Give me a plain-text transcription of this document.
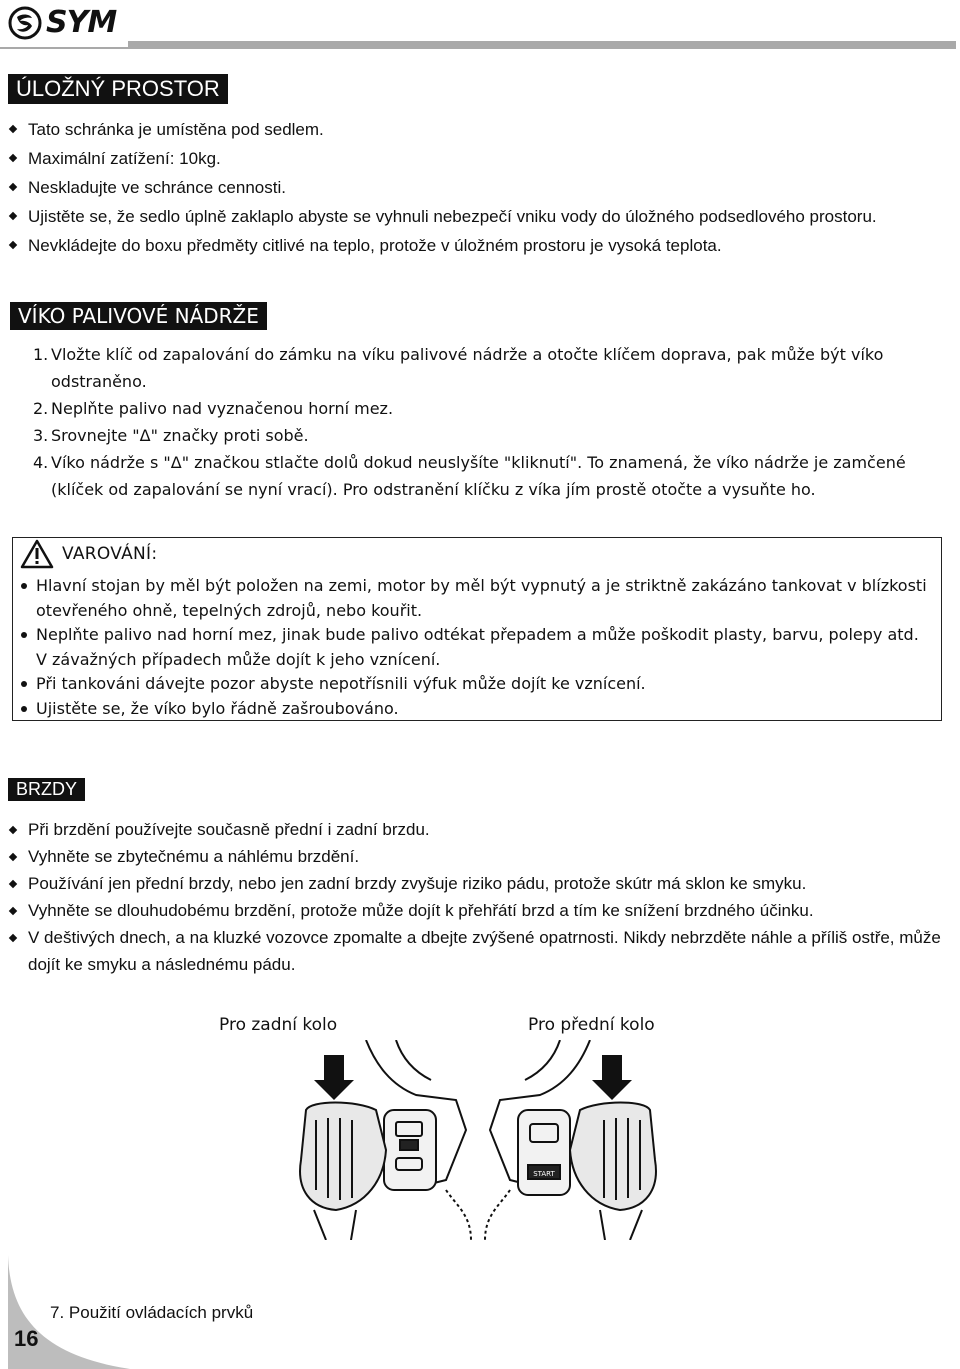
SYM
ÚLOŽNÝ PROSTOR
Tato schránka je umístěna pod sedlem.
Maximální zatížení: 10kg.
Neskladujte ve schránce cennosti.
Ujistěte se, že sedlo úplně zaklaplo abyste se vyhnuli nebezpečí vniku vody do úložného podsedlového prostoru.
Nevkládejte do boxu předměty citlivé na teplo, protože v úložném prostoru je vysoká teplota.
VÍKO PALIVOVÉ NÁDRŽE
1. Vložte klíč od zapalování do zámku na víku palivové nádrže a otočte klíčem doprava, pak může být víko odstraněno.
2. Neplňte palivo nad vyznačenou horní mez.
3. Srovnejte "Δ" značky proti sobě.
4. Víko nádrže s "Δ" značkou stlačte dolů dokud neuslyšíte "kliknutí". To znamená, že víko nádrže je zamčené (klíček od zapalování se nyní vrací). Pro odstranění klíčku z víka jím prostě otočte a vysuňte ho.
VAROVÁNÍ:
Hlavní stojan by měl být položen na zemi, motor by měl být vypnutý a je striktně zakázáno tankovat v blízkosti otevřeného ohně, tepelných zdrojů, nebo kouřit.
Neplňte palivo nad horní mez, jinak bude palivo odtékat přepadem a může poškodit plasty, barvu, polepy atd. V závažných případech může dojít k jeho vznícení.
Při tankováni dávejte pozor abyste nepotřísnili výfuk může dojít ke vznícení.
Ujistěte se, že víko bylo řádně zašroubováno.
BRZDY
Při brzdění používejte současně přední i zadní brzdu.
Vyhněte se zbytečnému a náhlému brzdění.
Používání jen přední brzdy, nebo jen zadní brzdy zvyšuje riziko pádu, protože skútr má sklon ke smyku.
Vyhněte se dlouhudobému brzdění, protože může dojít k přehřátí brzd a tím ke snížení brzdného účinku.
V deštivých dnech, a na kluzké vozovce zpomalte a dbejte zvýšené opatrnosti. Nikdy nebrzděte náhle a příliš ostře, může dojít ke smyku a následnému pádu.
Pro zadní kolo	Pro přední kolo
START
7. Použití ovládacích prvků
16
